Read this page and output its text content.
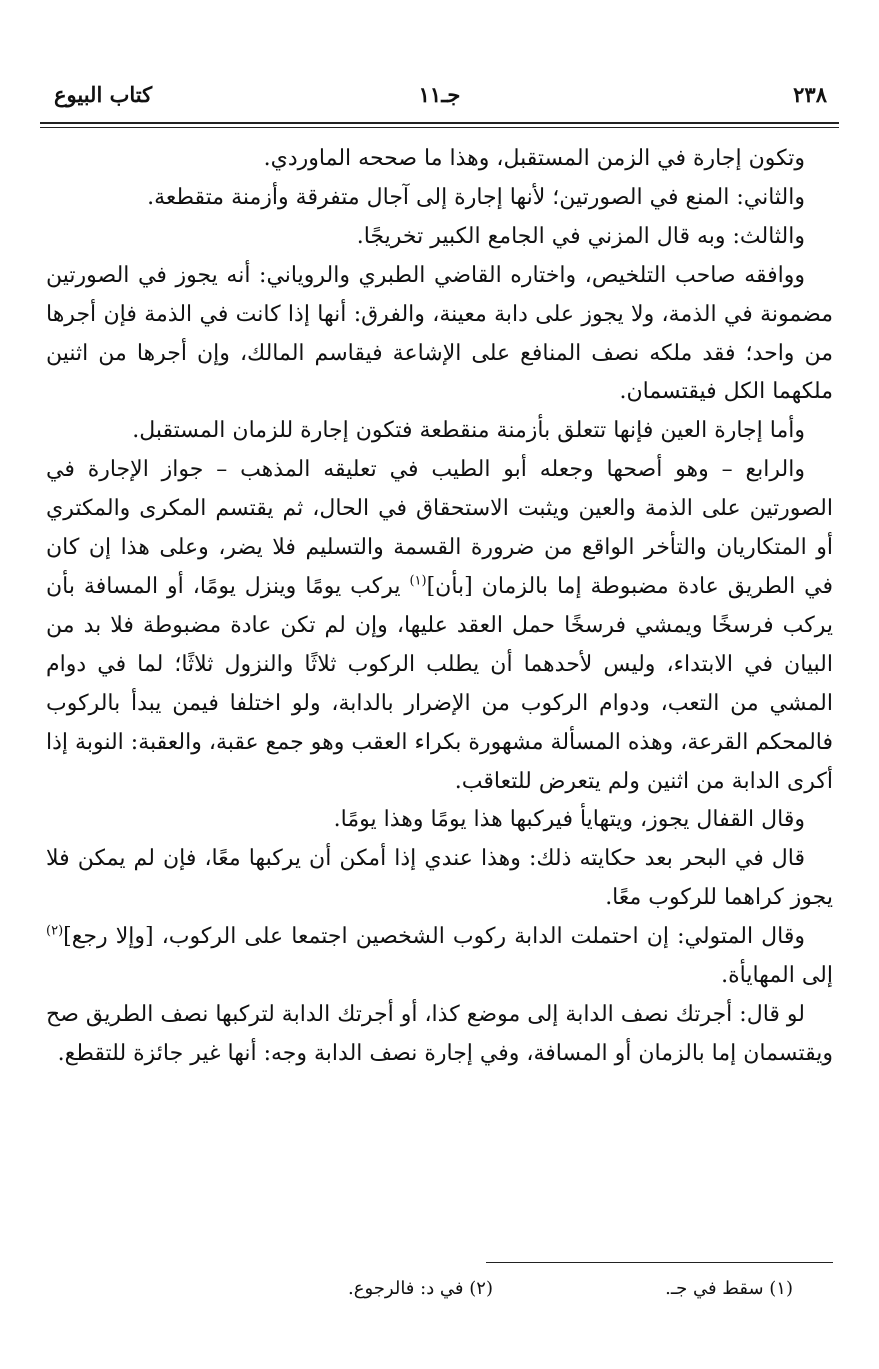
٢٣٨
جـ١١
كتاب البيوع

وتكون إجارة في الزمن المستقبل، وهذا ما صححه الماوردي.

والثاني: المنع في الصورتين؛ لأنها إجارة إلى آجال متفرقة وأزمنة متقطعة.

والثالث: وبه قال المزني في الجامع الكبير تخريجًا.

ووافقه صاحب التلخيص، واختاره القاضي الطبري والروياني: أنه يجوز في الصورتين مضمونة في الذمة، ولا يجوز على دابة معينة، والفرق: أنها إذا كانت في الذمة فإن أجرها من واحد؛ فقد ملكه نصف المنافع على الإشاعة فيقاسم المالك، وإن أجرها من اثنين ملكهما الكل فيقتسمان.

وأما إجارة العين فإنها تتعلق بأزمنة منقطعة فتكون إجارة للزمان المستقبل.

والرابع – وهو أصحها وجعله أبو الطيب في تعليقه المذهب – جواز الإجارة في الصورتين على الذمة والعين ويثبت الاستحقاق في الحال، ثم يقتسم المكرى والمكتري أو المتكاريان والتأخر الواقع من ضرورة القسمة والتسليم فلا يضر، وعلى هذا إن كان في الطريق عادة مضبوطة إما بالزمان [بأن]$^{(١)}$ يركب يومًا وينزل يومًا، أو المسافة بأن يركب فرسخًا ويمشي فرسخًا حمل العقد عليها، وإن لم تكن عادة مضبوطة فلا بد من البيان في الابتداء، وليس لأحدهما أن يطلب الركوب ثلاثًا والنزول ثلاثًا؛ لما في دوام المشي من التعب، ودوام الركوب من الإضرار بالدابة، ولو اختلفا فيمن يبدأ بالركوب فالمحكم القرعة، وهذه المسألة مشهورة بكراء العقب وهو جمع عقبة، والعقبة: النوبة إذا أكرى الدابة من اثنين ولم يتعرض للتعاقب.

وقال القفال يجوز، ويتهايأ فيركبها هذا يومًا وهذا يومًا.

قال في البحر بعد حكايته ذلك: وهذا عندي إذا أمكن أن يركبها معًا، فإن لم يمكن فلا يجوز كراهما للركوب معًا.

وقال المتولي: إن احتملت الدابة ركوب الشخصين اجتمعا على الركوب، [وإلا رجع]$^{(٢)}$ إلى المهايأة.

لو قال: أجرتك نصف الدابة إلى موضع كذا، أو أجرتك الدابة لتركبها نصف الطريق صح ويقتسمان إما بالزمان أو المسافة، وفي إجارة نصف الدابة وجه: أنها غير جائزة للتقطع.

(١) سقط في جـ.
(٢) في د: فالرجوع.
